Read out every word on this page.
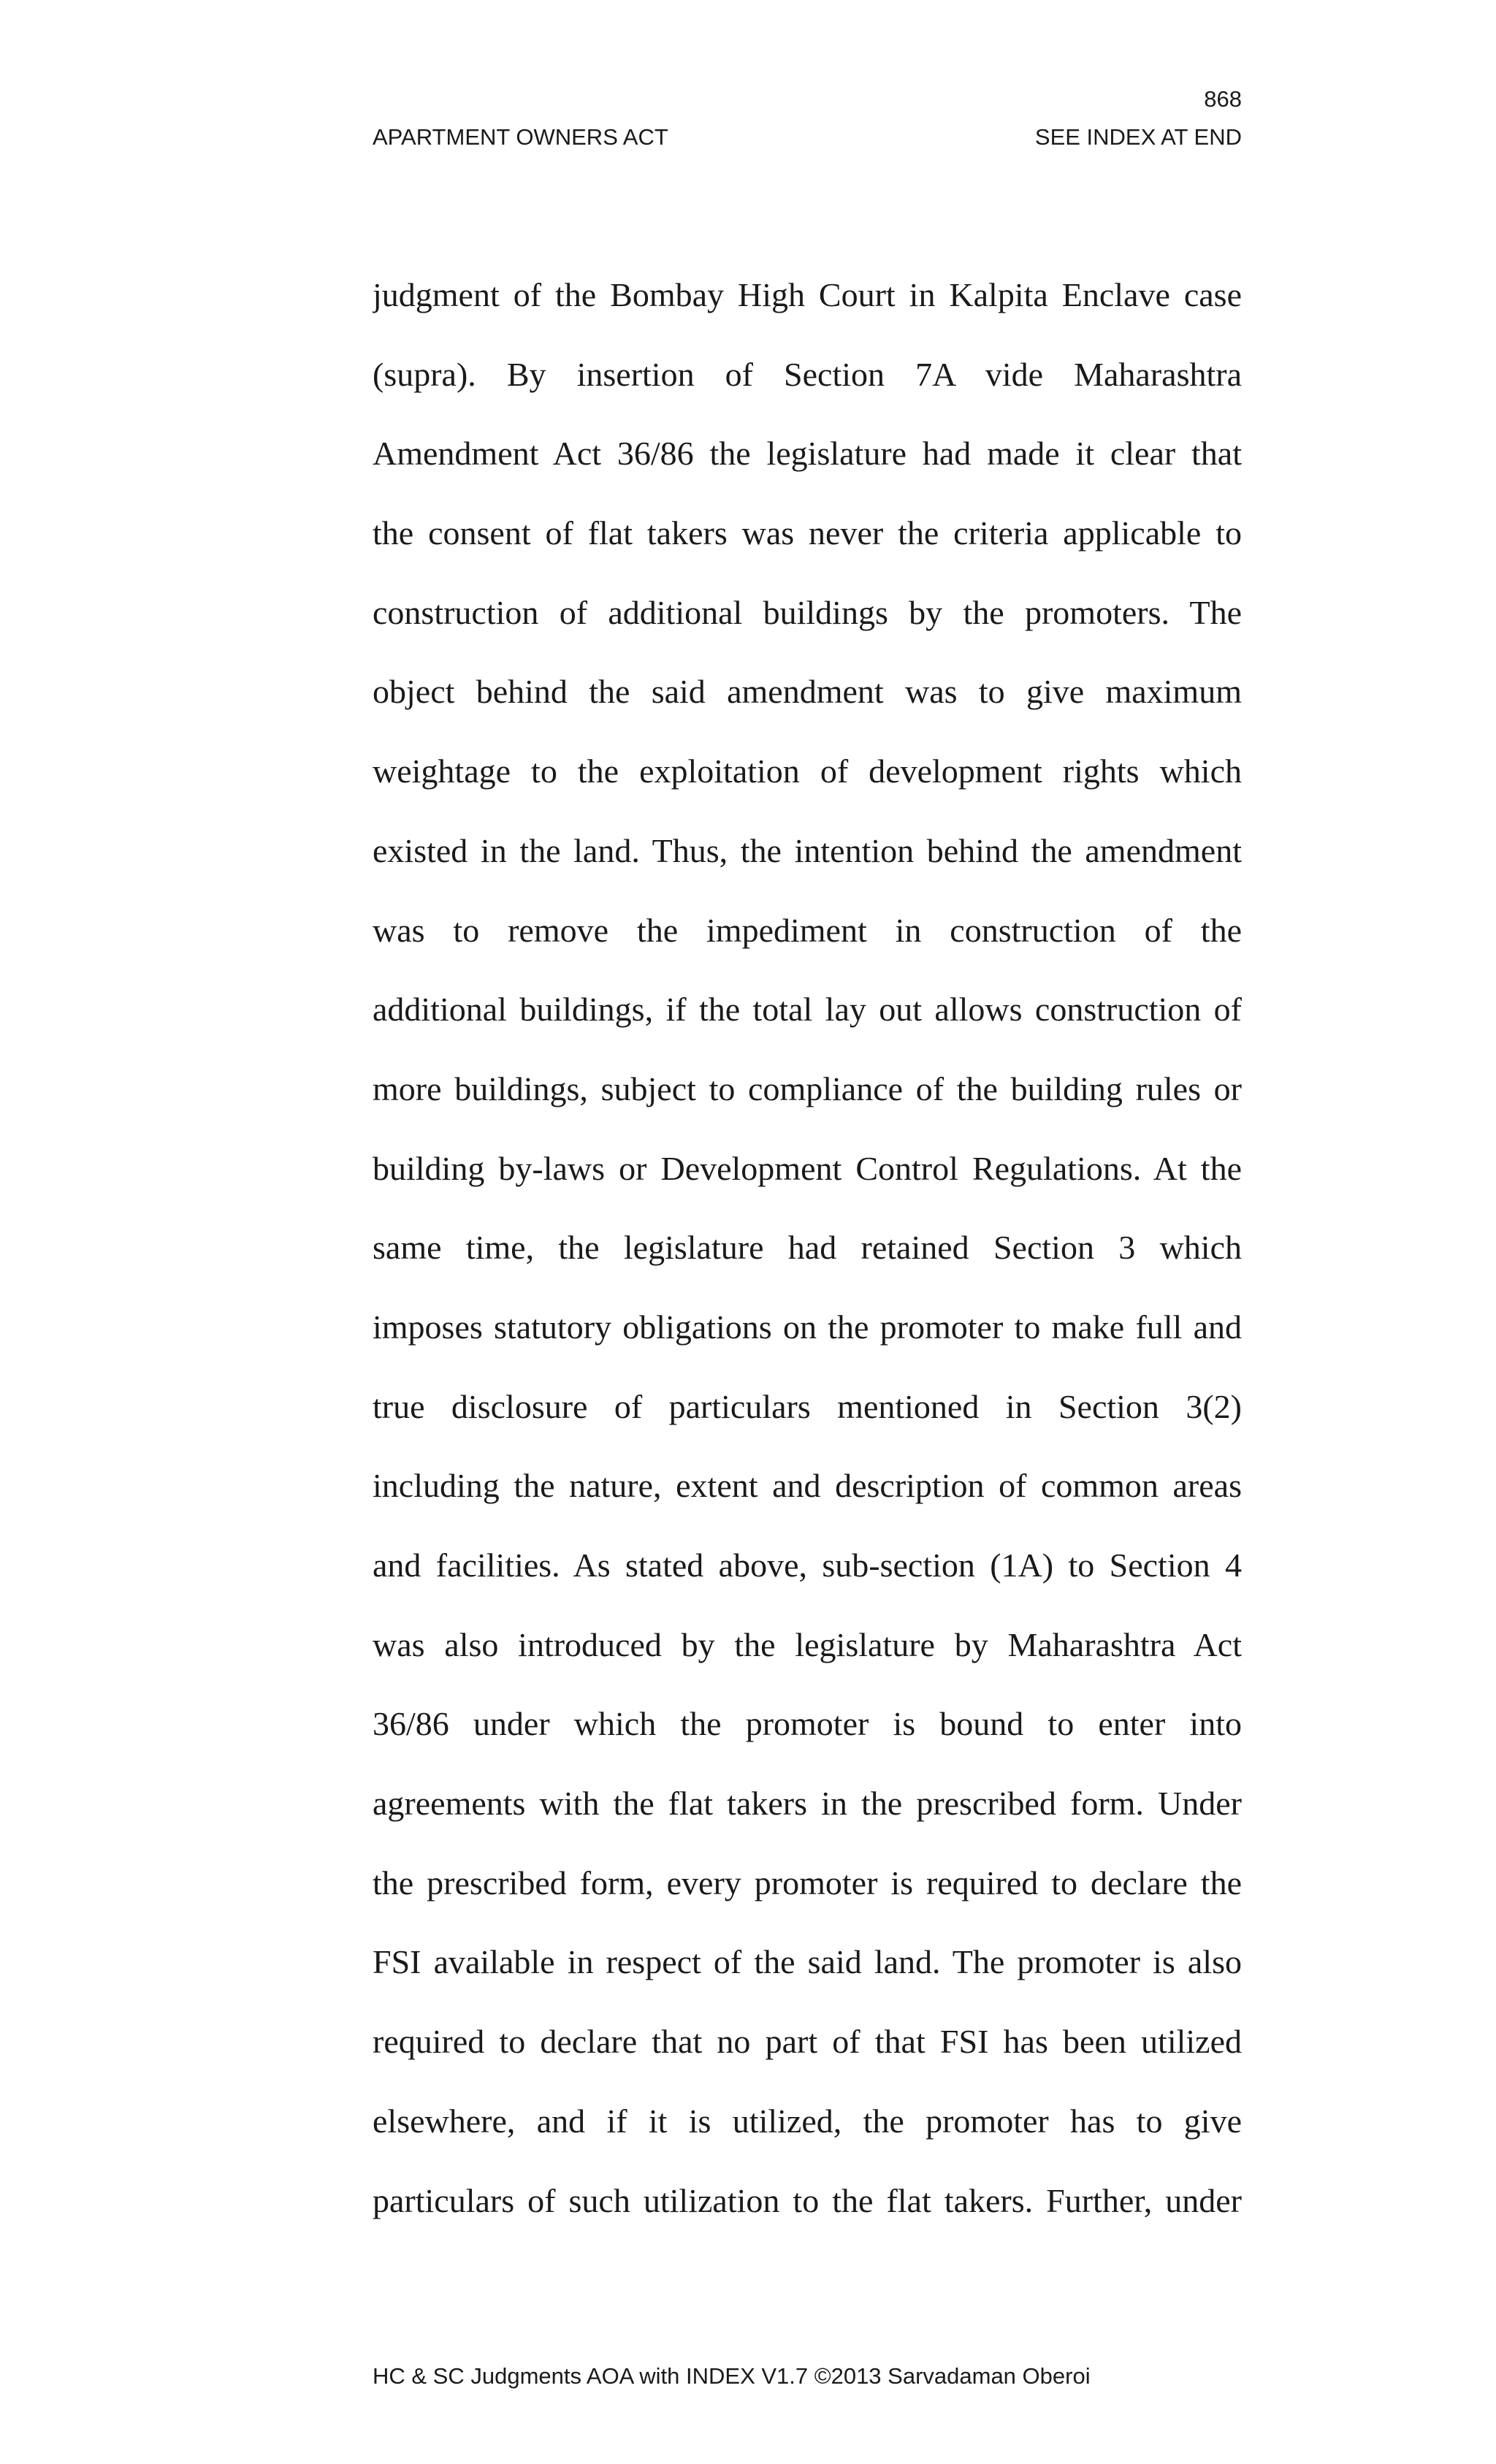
868

APARTMENT OWNERS ACT	SEE INDEX AT END

judgment of the Bombay High Court in Kalpita Enclave case
(supra). By insertion of Section 7A vide Maharashtra
Amendment Act 36/86 the legislature had made it clear that
the consent of flat takers was never the criteria applicable to
construction of additional buildings by the promoters. The
object behind the said amendment was to give maximum
weightage to the exploitation of development rights which
existed in the land. Thus, the intention behind the amendment
was to remove the impediment in construction of the
additional buildings, if the total lay out allows construction of
more buildings, subject to compliance of the building rules or
building by-laws or Development Control Regulations. At the
same time, the legislature had retained Section 3 which
imposes statutory obligations on the promoter to make full and
true disclosure of particulars mentioned in Section 3(2)
including the nature, extent and description of common areas
and facilities. As stated above, sub-section (1A) to Section 4
was also introduced by the legislature by Maharashtra Act
36/86 under which the promoter is bound to enter into
agreements with the flat takers in the prescribed form. Under
the prescribed form, every promoter is required to declare the
FSI available in respect of the said land. The promoter is also
required to declare that no part of that FSI has been utilized
elsewhere, and if it is utilized, the promoter has to give
particulars of such utilization to the flat takers. Further, under

HC & SC Judgments AOA with INDEX V1.7 ©2013 Sarvadaman Oberoi
